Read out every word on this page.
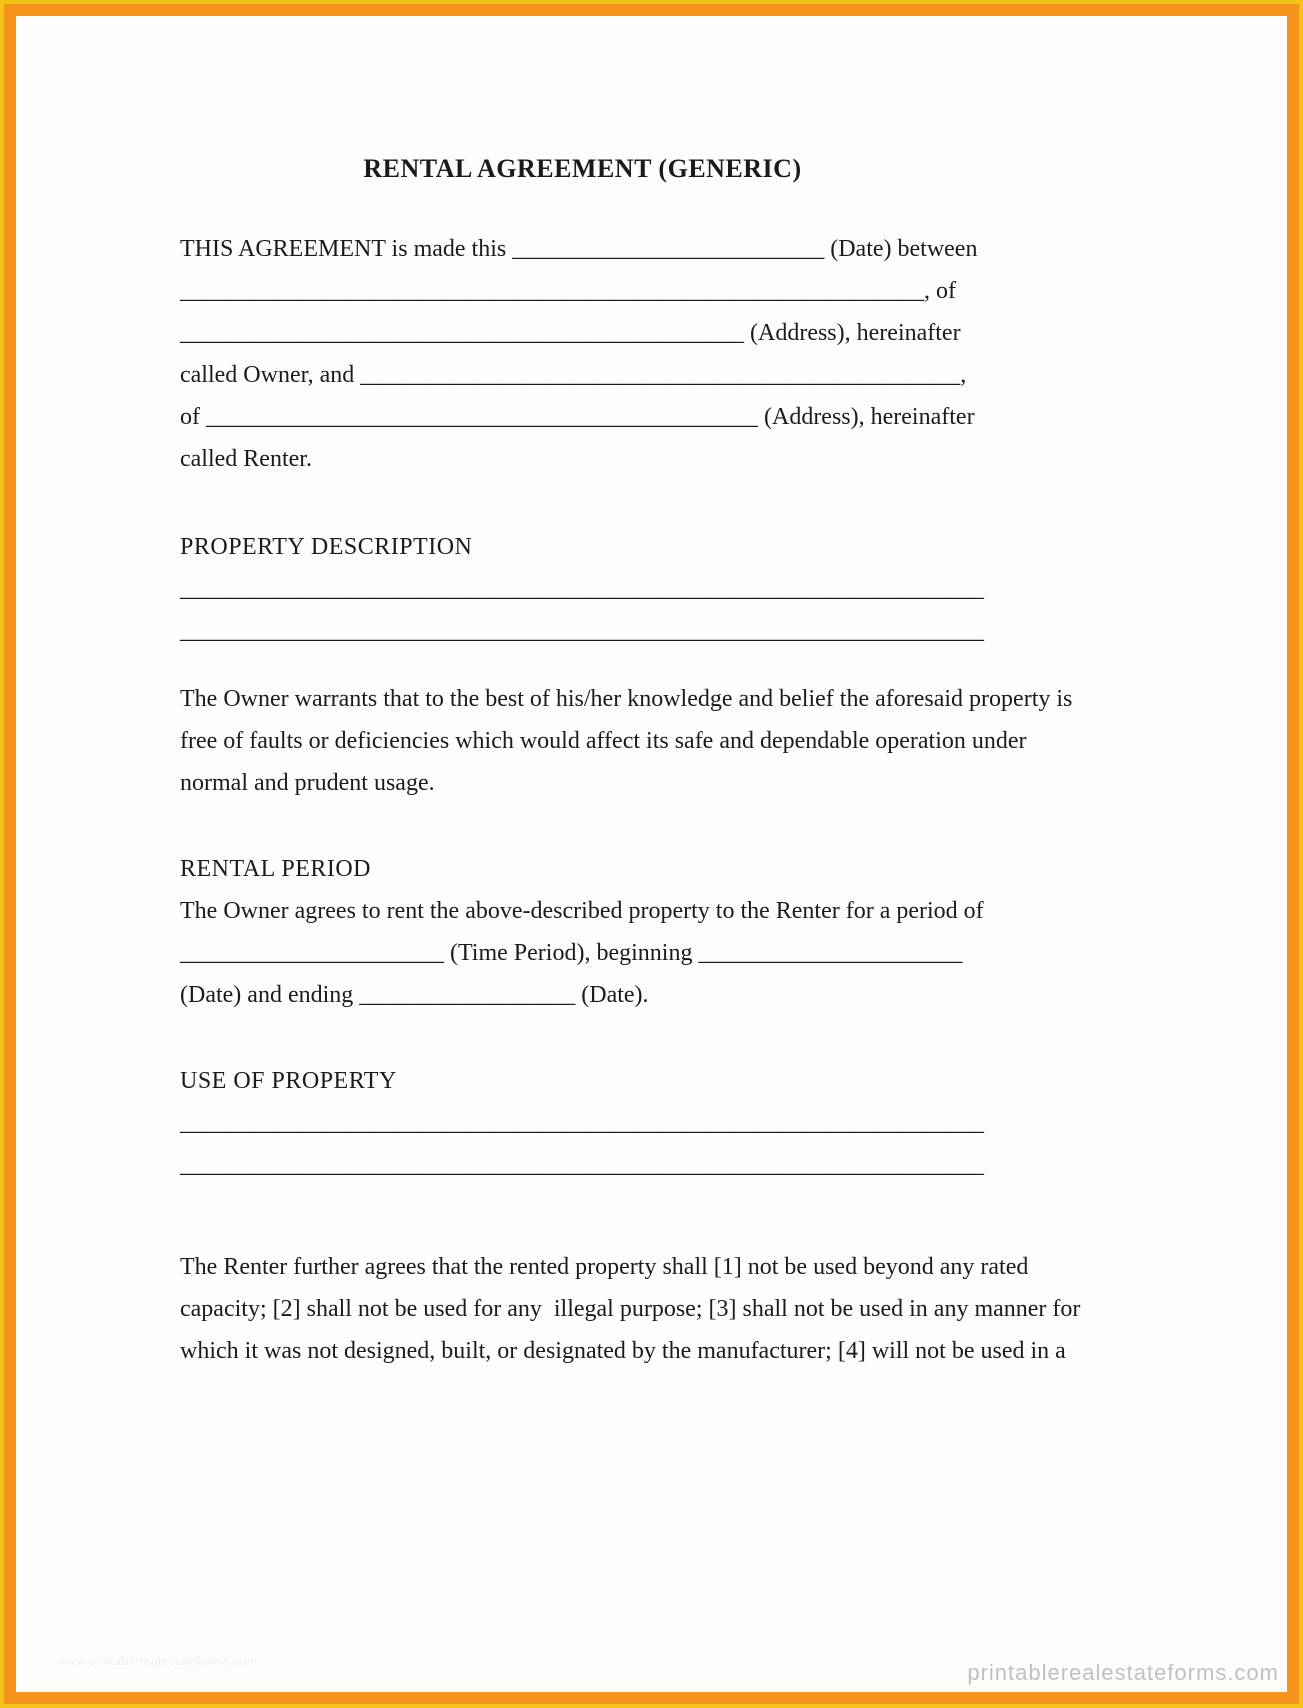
RENTAL AGREEMENT (GENERIC)
THIS AGREEMENT is made this __________________________ (Date) between
______________________________________________________________, of
_______________________________________________ (Address), hereinafter
called Owner, and __________________________________________________,
of ______________________________________________ (Address), hereinafter
called Renter.
PROPERTY DESCRIPTION
___________________________________________________________________
___________________________________________________________________
The Owner warrants that to the best of his/her knowledge and belief the aforesaid property is
free of faults or deficiencies which would affect its safe and dependable operation under
normal and prudent usage.
RENTAL PERIOD
The Owner agrees to rent the above-described property to the Renter for a period of
______________________ (Time Period), beginning ______________________
(Date) and ending __________________ (Date).
USE OF PROPERTY
___________________________________________________________________
___________________________________________________________________
The Renter further agrees that the rented property shall [1] not be used beyond any rated
capacity; [2] shall not be used for any  illegal purpose; [3] shall not be used in any manner for
which it was not designed, built, or designated by the manufacturer; [4] will not be used in a
www.printablerealestateforms.com	printablerealestateforms.com
